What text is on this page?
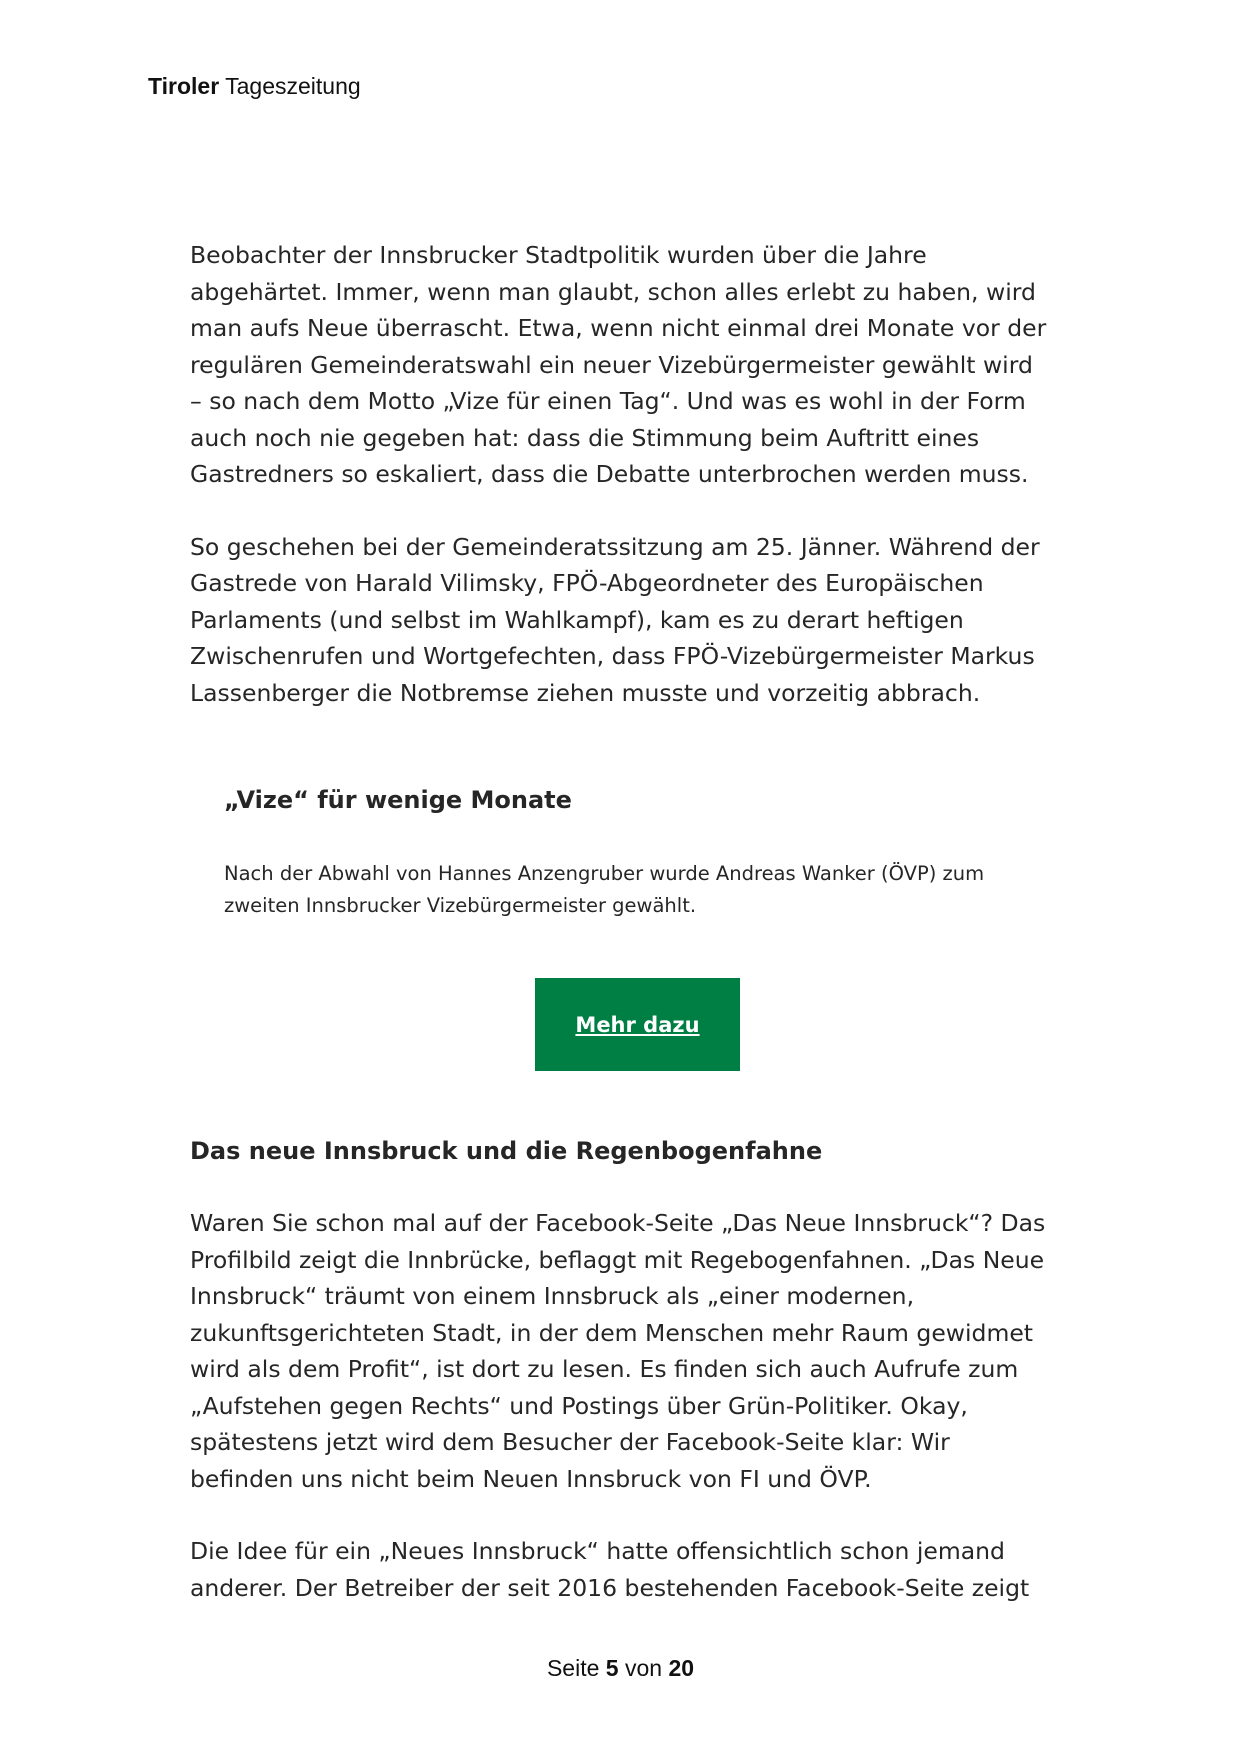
Tiroler Tageszeitung

Beobachter der Innsbrucker Stadtpolitik wurden über die Jahre abgehärtet. Immer, wenn man glaubt, schon alles erlebt zu haben, wird man aufs Neue überrascht. Etwa, wenn nicht einmal drei Monate vor der regulären Gemeinderatswahl ein neuer Vizebürgermeister gewählt wird – so nach dem Motto „Vize für einen Tag“. Und was es wohl in der Form auch noch nie gegeben hat: dass die Stimmung beim Auftritt eines Gastredners so eskaliert, dass die Debatte unterbrochen werden muss.

So geschehen bei der Gemeinderatssitzung am 25. Jänner. Während der Gastrede von Harald Vilimsky, FPÖ-Abgeordneter des Europäischen Parlaments (und selbst im Wahlkampf), kam es zu derart heftigen Zwischenrufen und Wortgefechten, dass FPÖ-Vizebürgermeister Markus Lassenberger die Notbremse ziehen musste und vorzeitig abbrach.

„Vize“ für wenige Monate

Nach der Abwahl von Hannes Anzengruber wurde Andreas Wanker (ÖVP) zum zweiten Innsbrucker Vizebürgermeister gewählt.

Mehr dazu
Das neue Innsbruck und die Regenbogenfahne

Waren Sie schon mal auf der Facebook-Seite „Das Neue Innsbruck“? Das Profilbild zeigt die Innbrücke, beflaggt mit Regebogenfahnen. „Das Neue Innsbruck“ träumt von einem Innsbruck als „einer modernen, zukunftsgerichteten Stadt, in der dem Menschen mehr Raum gewidmet wird als dem Profit“, ist dort zu lesen. Es finden sich auch Aufrufe zum „Aufstehen gegen Rechts“ und Postings über Grün-Politiker. Okay, spätestens jetzt wird dem Besucher der Facebook-Seite klar: Wir befinden uns nicht beim Neuen Innsbruck von FI und ÖVP.

Die Idee für ein „Neues Innsbruck“ hatte offensichtlich schon jemand anderer. Der Betreiber der seit 2016 bestehenden Facebook-Seite zeigt

Seite 5 von 20
